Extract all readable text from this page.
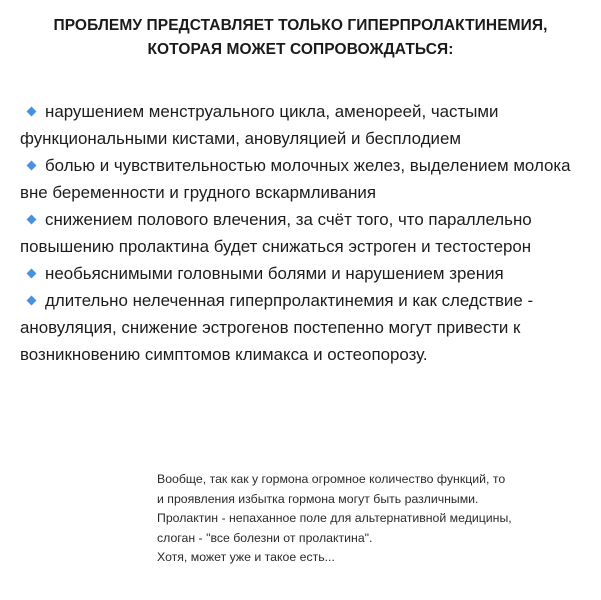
ПРОБЛЕМУ ПРЕДСТАВЛЯЕТ ТОЛЬКО ГИПЕРПРОЛАКТИНЕМИЯ,
КОТОРАЯ МОЖЕТ СОПРОВОЖДАТЬСЯ:
нарушением менструального цикла, аменореей, частыми функциональными кистами, ановуляцией и бесплодием
болью и чувствительностью молочных желез, выделением молока вне беременности и грудного вскармливания
снижением полового влечения, за счёт того, что параллельно повышению пролактина будет снижаться эстроген и тестостерон
необьяснимыми головными болями и нарушением зрения
длительно нелеченная гиперпролактинемия и как следствие - ановуляция, снижение эстрогенов постепенно могут привести к возникновению симптомов климакса и остеопорозу.
Вообще, так как у гормона огромное количество функций, то
и проявления избытка гормона могут быть различными.
Пролактин - непаханное поле для альтернативной медицины,
слоган - "все болезни от пролактина".
Хотя, может уже и такое есть...
